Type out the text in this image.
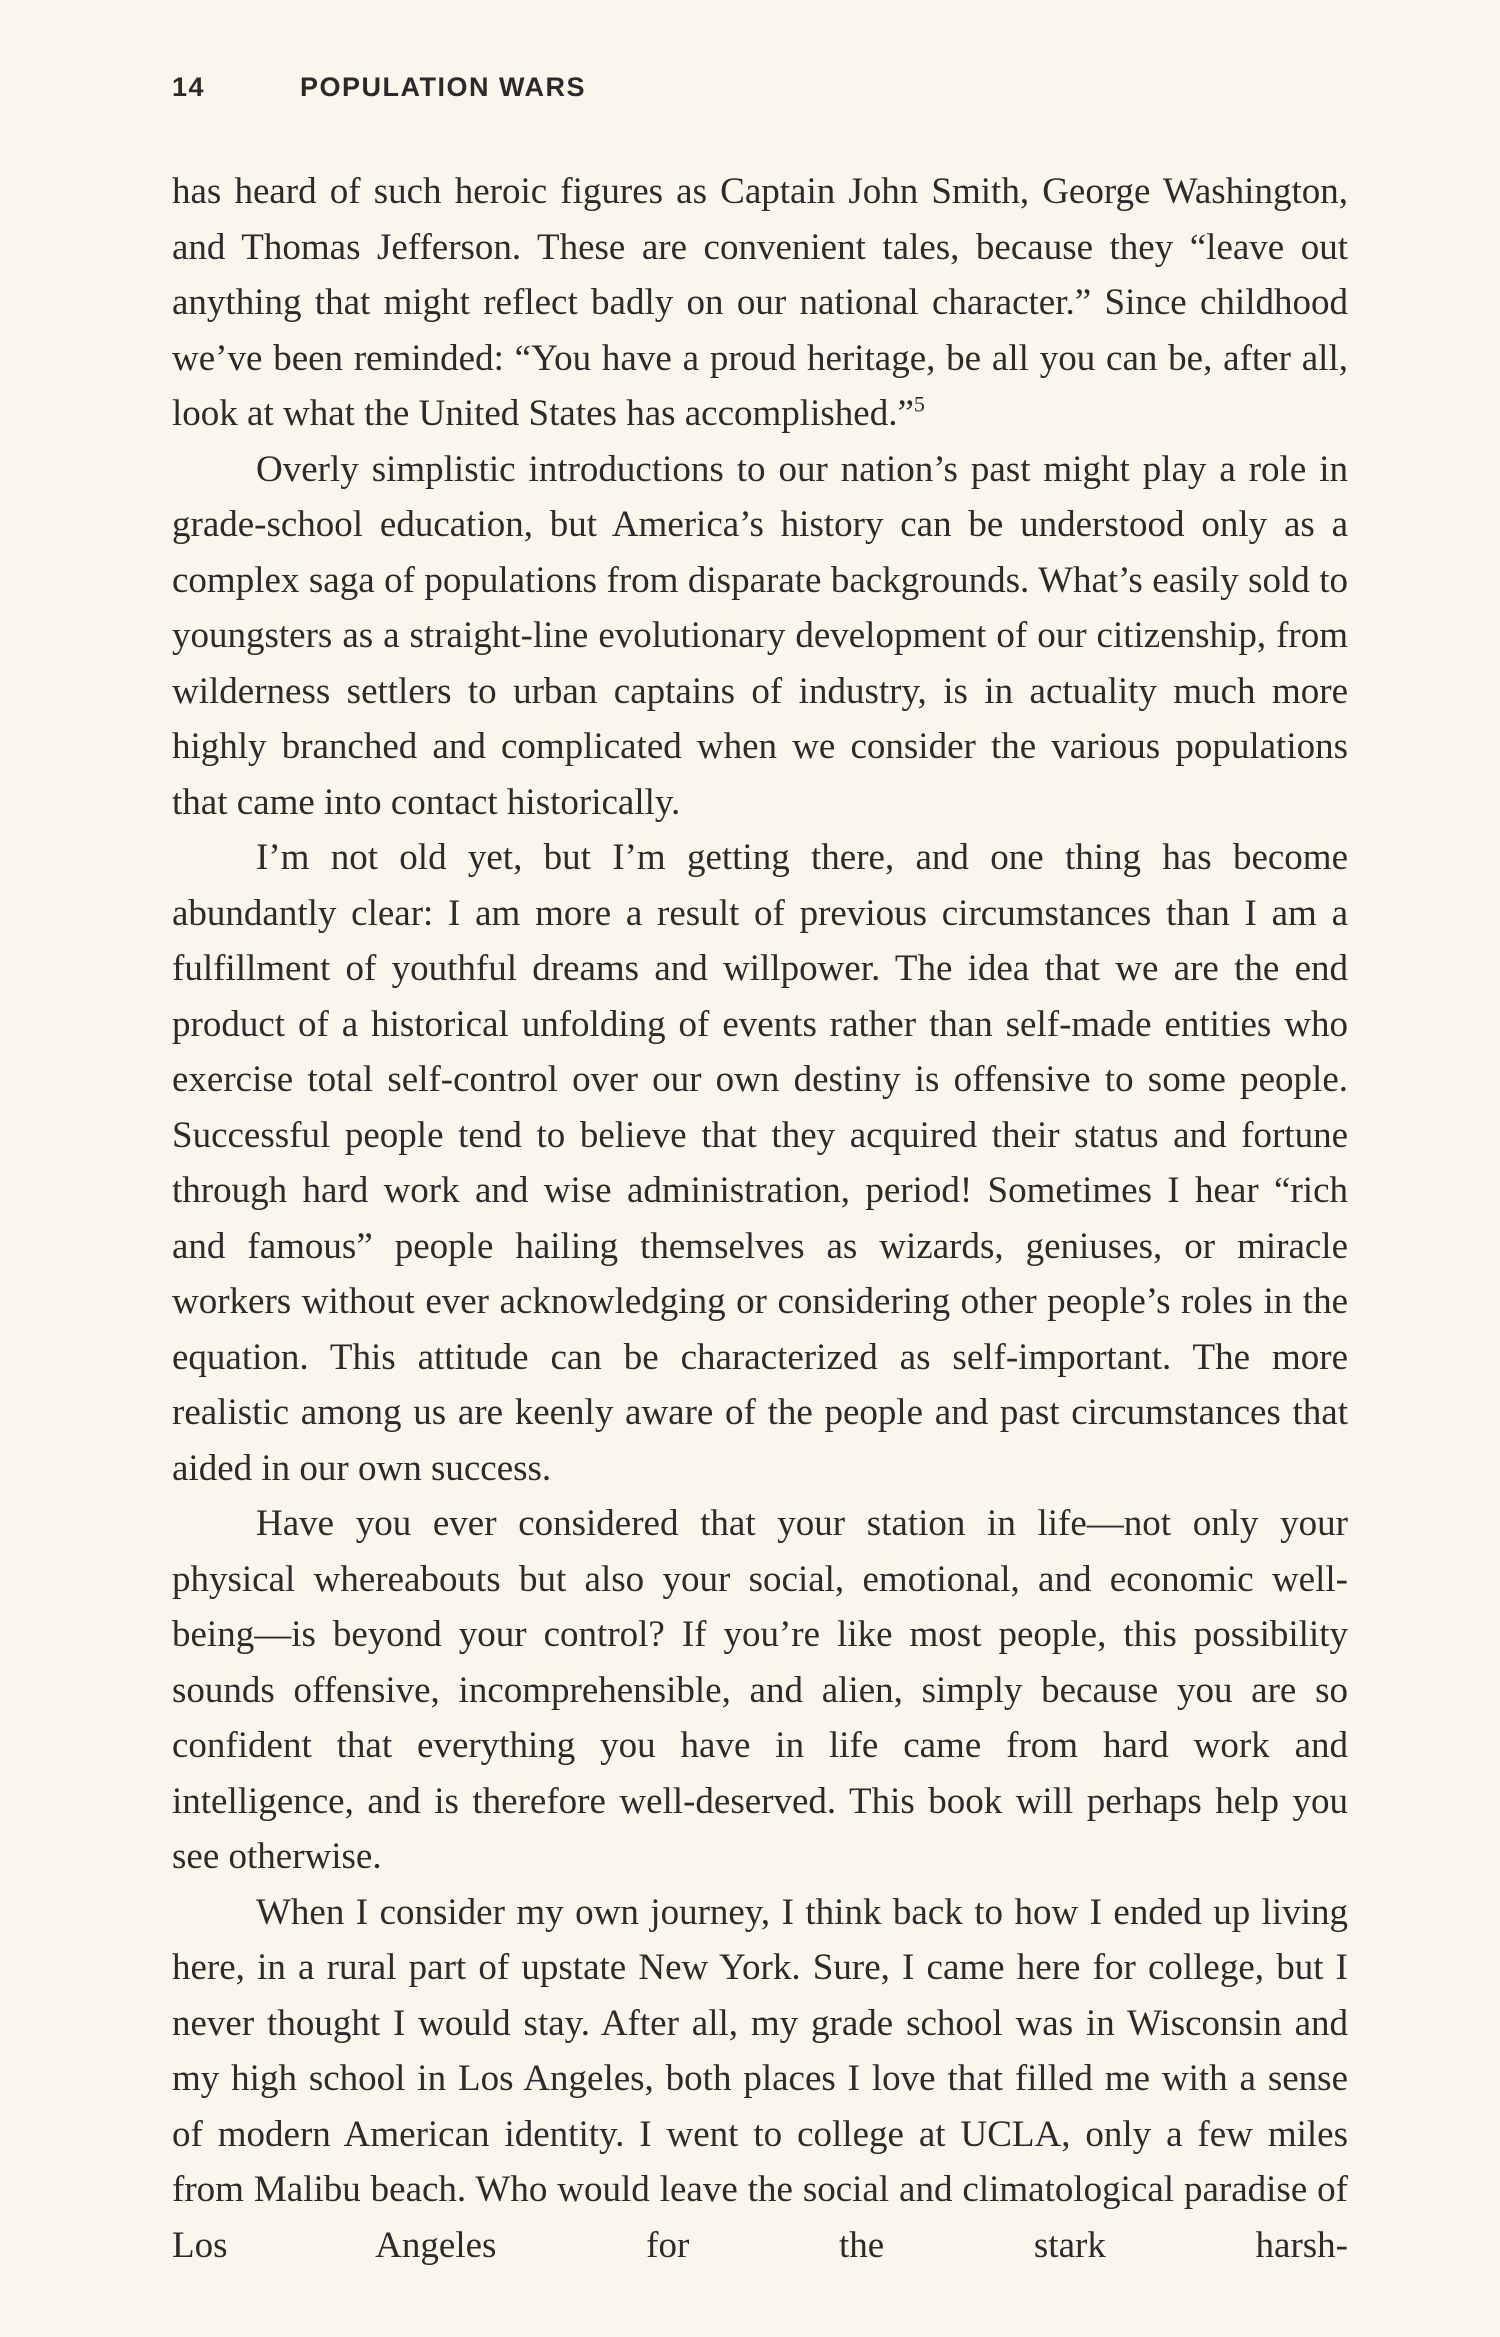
14	POPULATION WARS

has heard of such heroic figures as Captain John Smith, George Washington, and Thomas Jefferson. These are convenient tales, because they “leave out anything that might reflect badly on our national character.” Since childhood we’ve been reminded: “You have a proud heritage, be all you can be, after all, look at what the United States has accomplished.”$^5$

Overly simplistic introductions to our nation’s past might play a role in grade-school education, but America’s history can be understood only as a complex saga of populations from disparate backgrounds. What’s easily sold to youngsters as a straight-line evolutionary development of our citizenship, from wilderness settlers to urban captains of industry, is in actuality much more highly branched and complicated when we consider the various populations that came into contact historically.

I’m not old yet, but I’m getting there, and one thing has become abundantly clear: I am more a result of previous circumstances than I am a fulfillment of youthful dreams and willpower. The idea that we are the end product of a historical unfolding of events rather than self-made entities who exercise total self-control over our own destiny is offensive to some people. Successful people tend to believe that they acquired their status and fortune through hard work and wise administration, period! Sometimes I hear “rich and famous” people hailing themselves as wizards, geniuses, or miracle workers without ever acknowledging or considering other people’s roles in the equation. This attitude can be characterized as self-important. The more realistic among us are keenly aware of the people and past circumstances that aided in our own success.

Have you ever considered that your station in life—not only your physical whereabouts but also your social, emotional, and economic well-being—is beyond your control? If you’re like most people, this possibility sounds offensive, incomprehensible, and alien, simply because you are so confident that everything you have in life came from hard work and intelligence, and is therefore well-deserved. This book will perhaps help you see otherwise.

When I consider my own journey, I think back to how I ended up living here, in a rural part of upstate New York. Sure, I came here for college, but I never thought I would stay. After all, my grade school was in Wisconsin and my high school in Los Angeles, both places I love that filled me with a sense of modern American identity. I went to college at UCLA, only a few miles from Malibu beach. Who would leave the social and climatological paradise of Los Angeles for the stark harsh-
